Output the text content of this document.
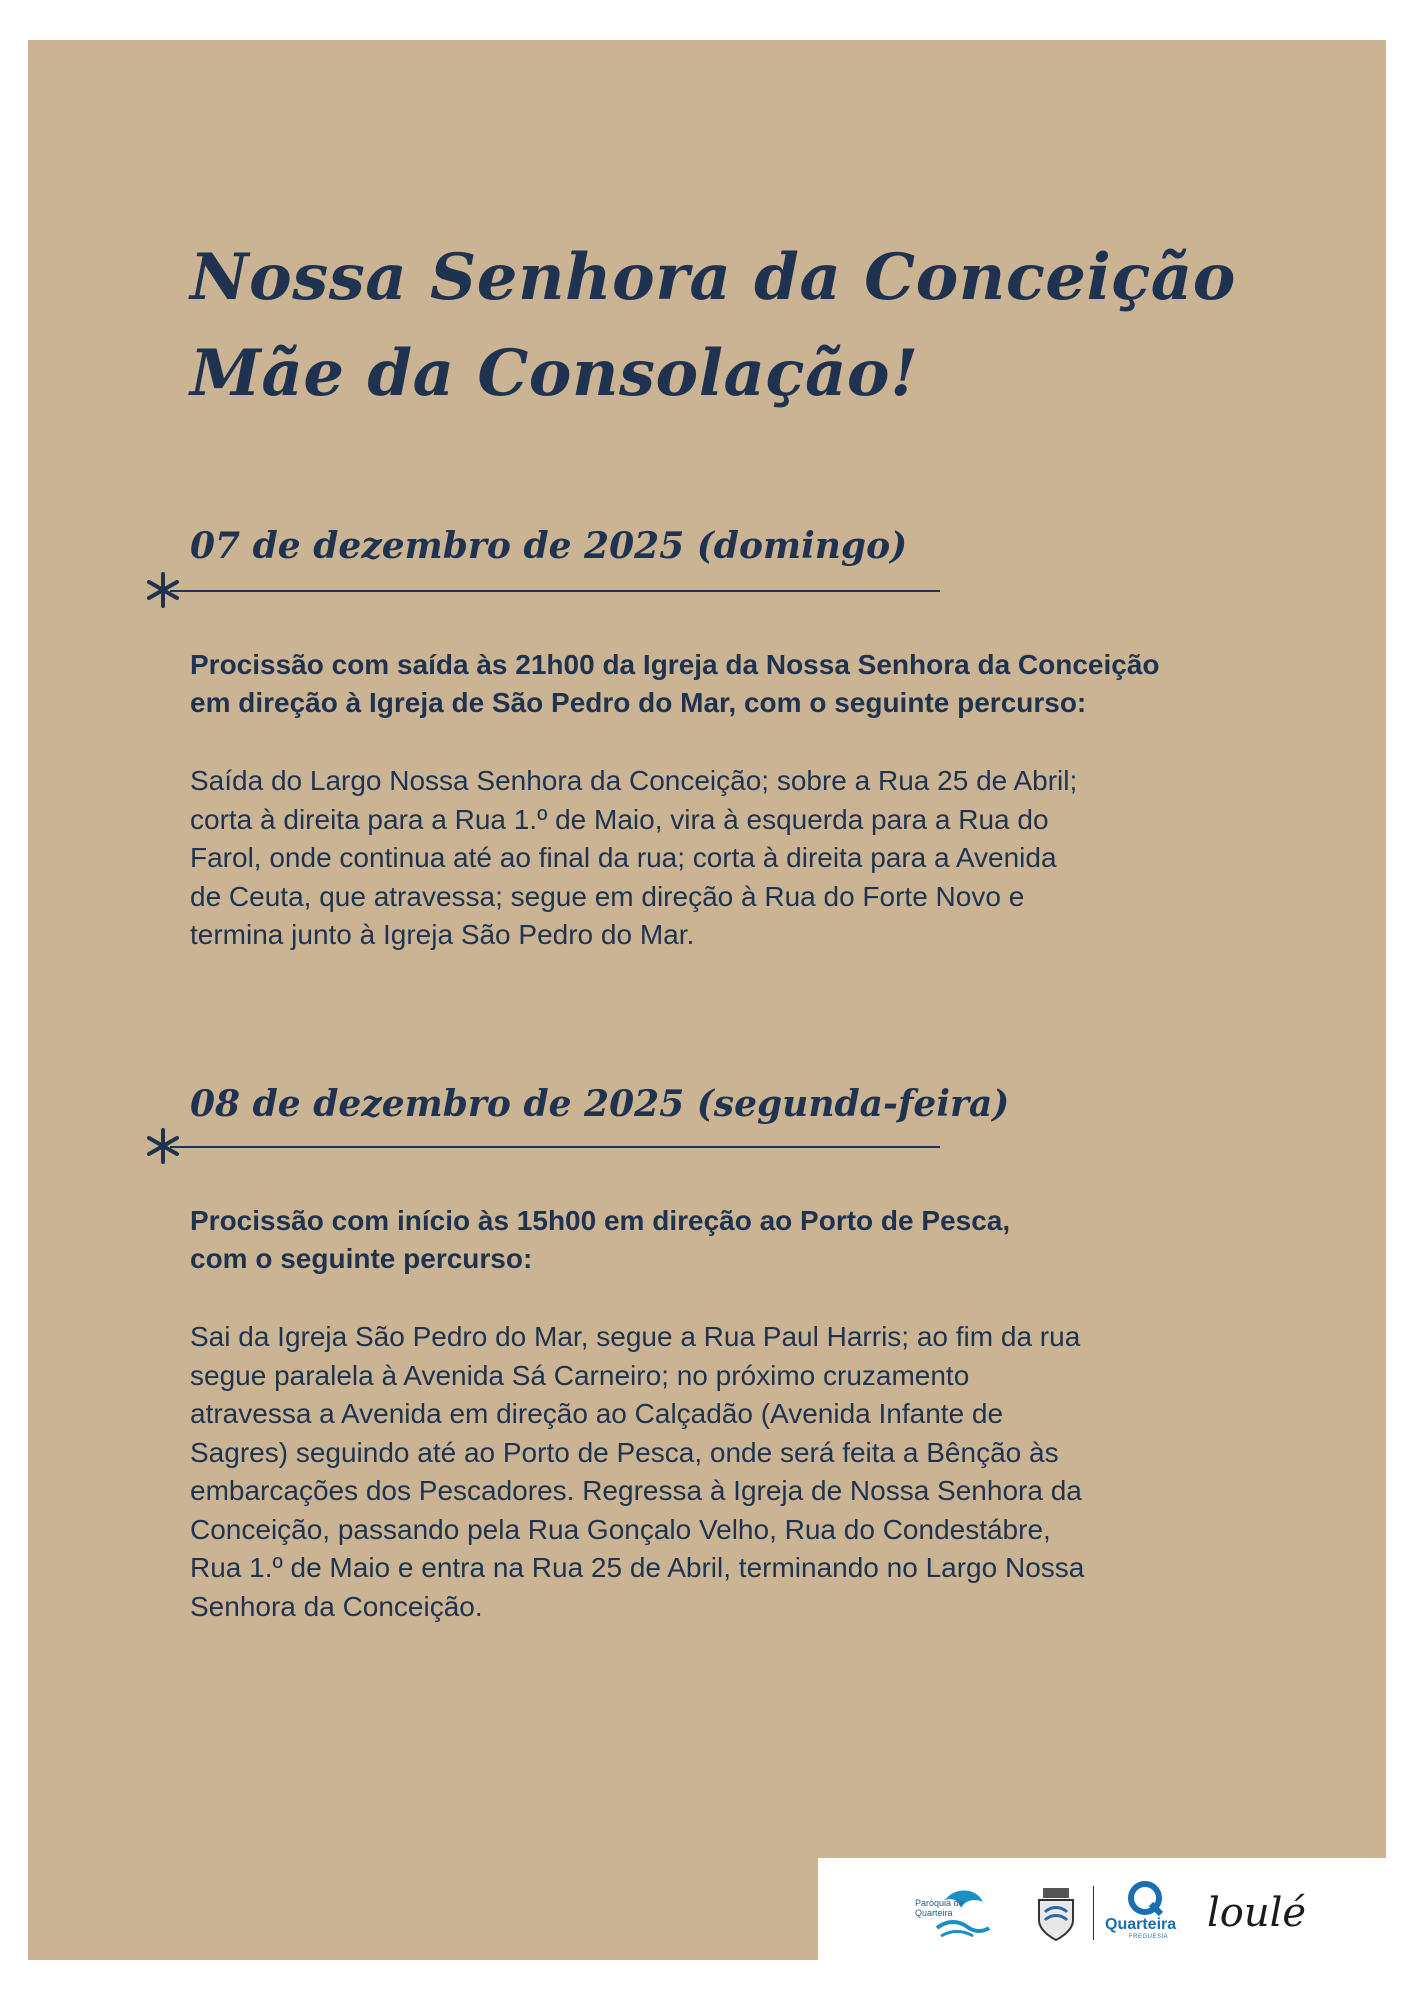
Nossa Senhora da Conceição
Mãe da Consolação!
07 de dezembro de 2025 (domingo)
Procissão com saída às 21h00 da Igreja da Nossa Senhora da Conceição
em direção à Igreja de São Pedro do Mar, com o seguinte percurso:
Saída do Largo Nossa Senhora da Conceição; sobre a Rua 25 de Abril;
corta à direita para a Rua 1.º de Maio, vira à esquerda para a Rua do
Farol, onde continua até ao final da rua; corta à direita para a Avenida
de Ceuta, que atravessa; segue em direção à Rua do Forte Novo e
termina junto à Igreja São Pedro do Mar.
08 de dezembro de 2025 (segunda-feira)
Procissão com início às 15h00 em direção ao Porto de Pesca,
com o seguinte percurso:
Sai da Igreja São Pedro do Mar, segue a Rua Paul Harris; ao fim da rua
segue paralela à Avenida Sá Carneiro; no próximo cruzamento
atravessa a Avenida em direção ao Calçadão (Avenida Infante de
Sagres) seguindo até ao Porto de Pesca, onde será feita a Bênção às
embarcações dos Pescadores. Regressa à Igreja de Nossa Senhora da
Conceição, passando pela Rua Gonçalo Velho, Rua do Condestábre,
Rua 1.º de Maio e entra na Rua 25 de Abril, terminando no Largo Nossa
Senhora da Conceição.
Paróquia de
Quarteira
Quarteira
FREGUESIA
loulé
